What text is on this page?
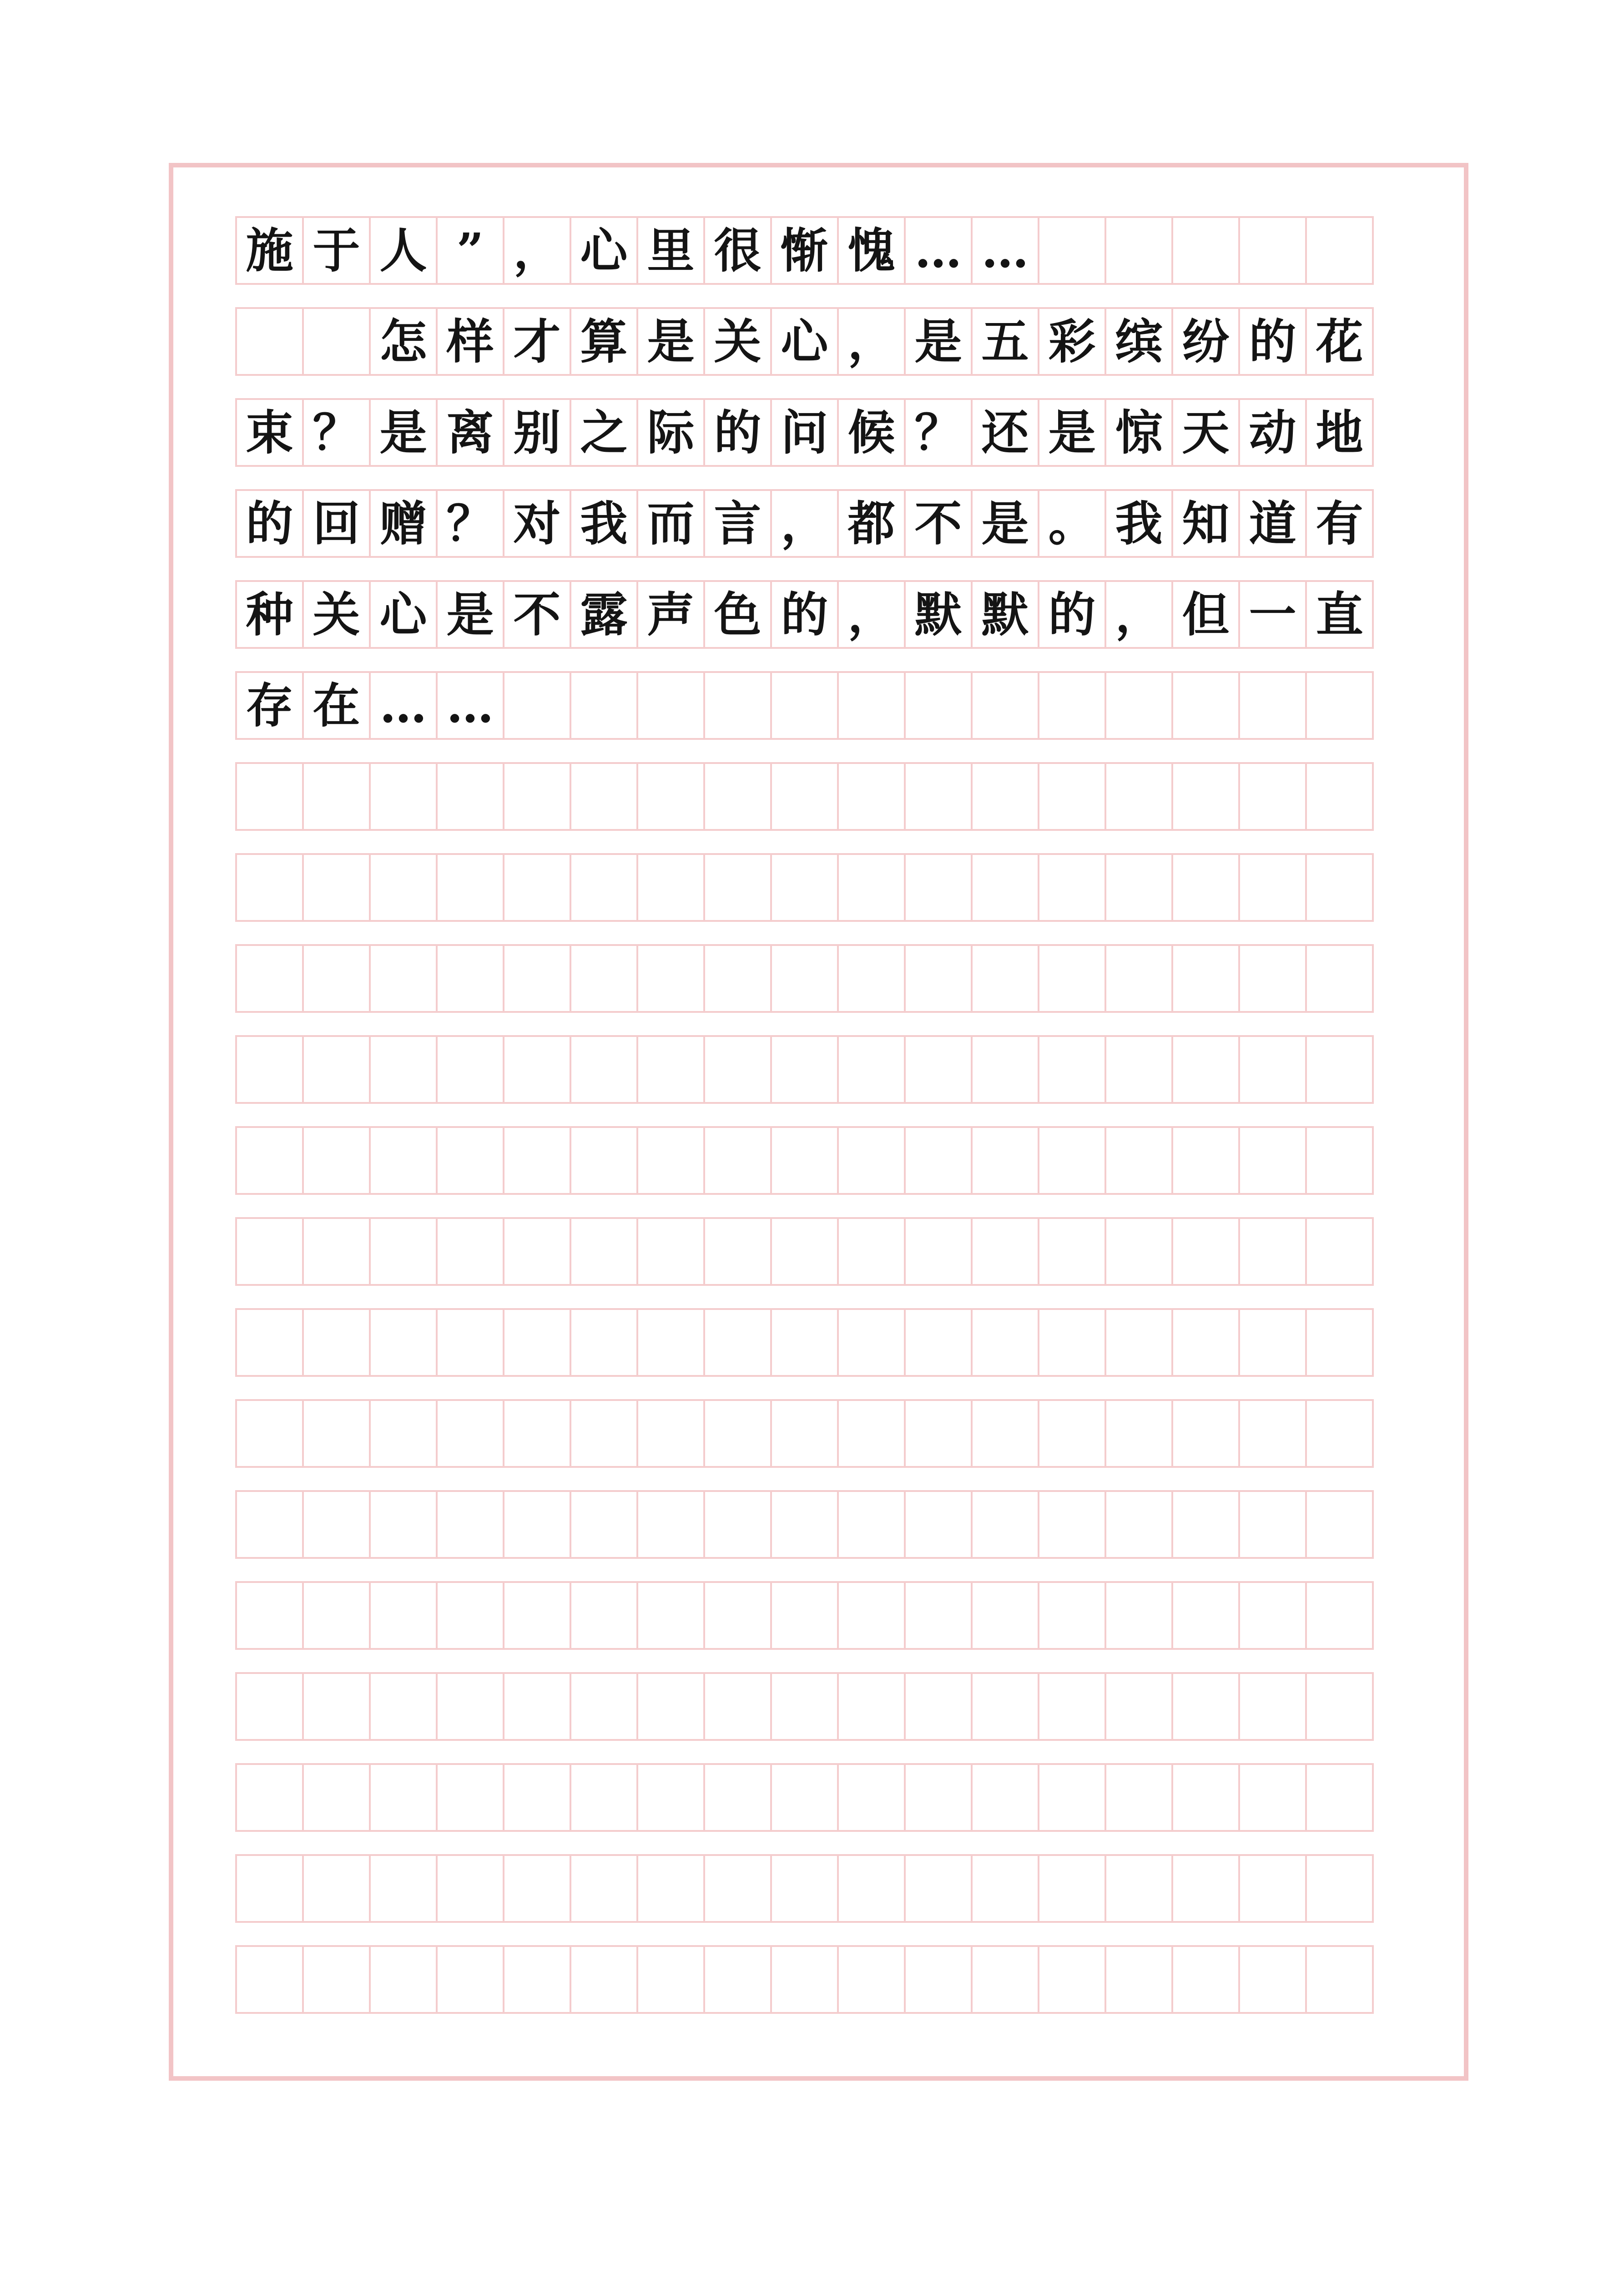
施 于 人 ” ， 心 里 很 惭 愧 … …
怎 样 才 算 是 关 心 ， 是 五 彩 缤 纷 的 花
束 ？ 是 离 别 之 际 的 问 候 ？ 还 是 惊 天 动 地
的 回 赠 ？ 对 我 而 言 ， 都 不 是 。 我 知 道 有
种 关 心 是 不 露 声 色 的 ， 默 默 的 ， 但 一 直
存 在 … …
